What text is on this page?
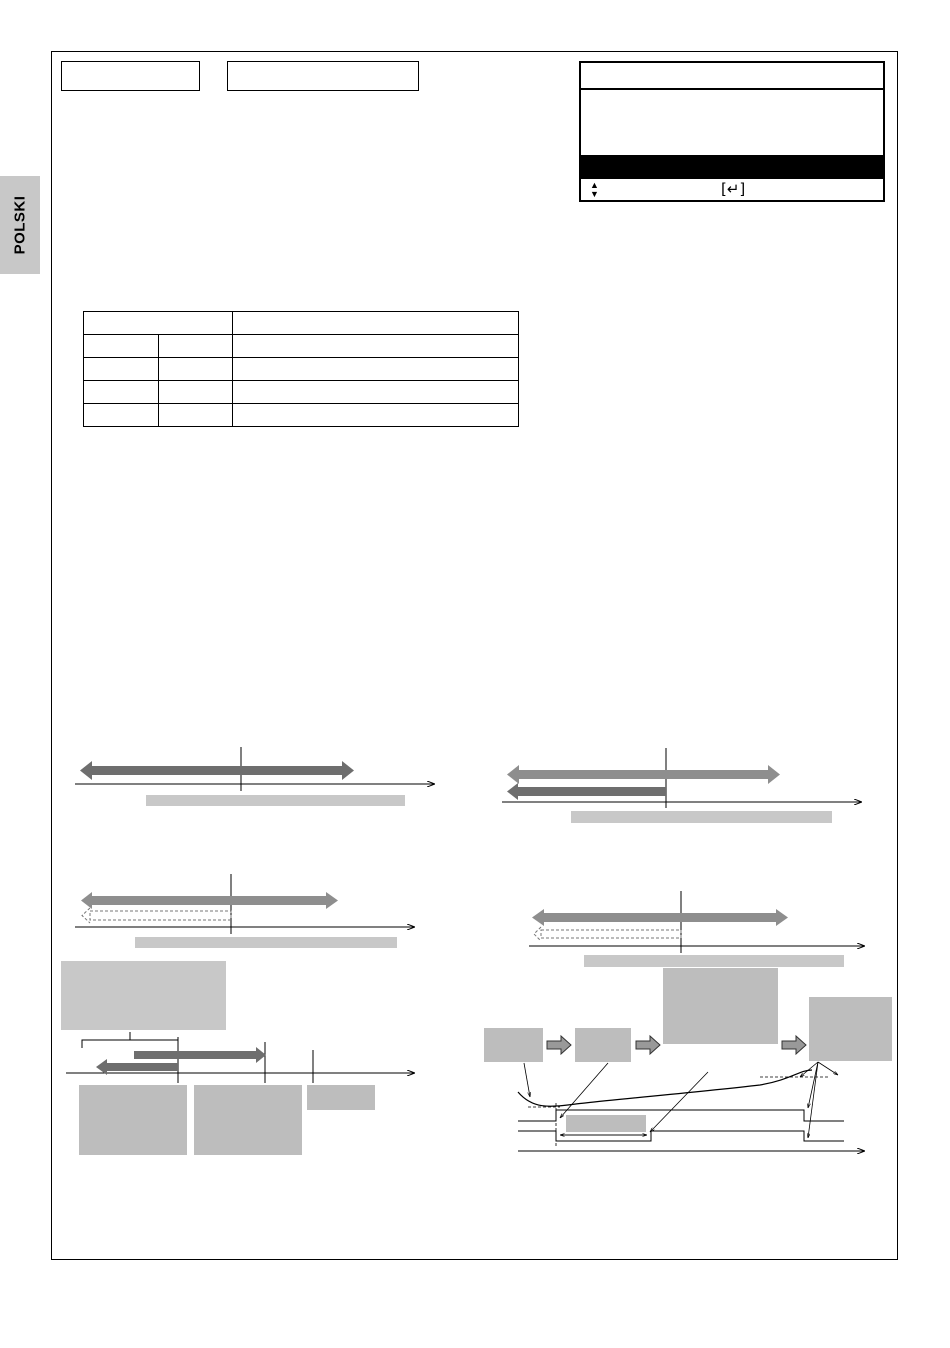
POLSKI
▲
▼	[↵]
